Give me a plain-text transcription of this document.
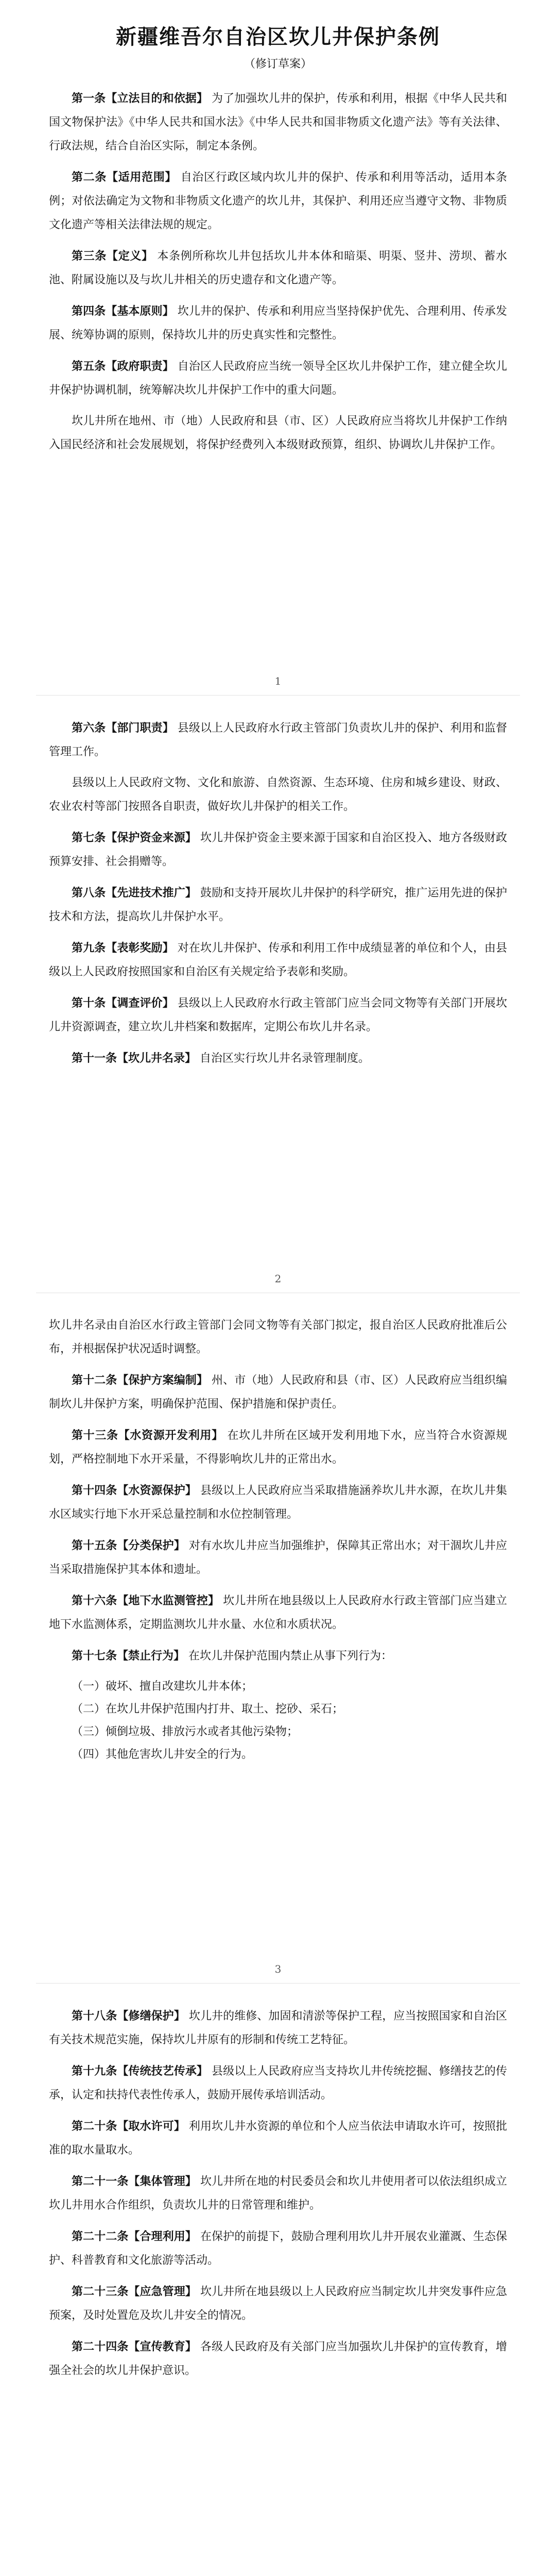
新疆维吾尔自治区坎儿井保护条例
（修订草案）

第一条【立法目的和依据】 为了加强坎儿井的保护，传承和利用，根据《中华人民共和国文物保护法》《中华人民共和国水法》《中华人民共和国非物质文化遗产法》等有关法律、行政法规，结合自治区实际，制定本条例。

第二条【适用范围】 自治区行政区域内坎儿井的保护、传承和利用等活动，适用本条例；对依法确定为文物和非物质文化遗产的坎儿井，其保护、利用还应当遵守文物、非物质文化遗产等相关法律法规的规定。

第三条【定义】 本条例所称坎儿井包括坎儿井本体和暗渠、明渠、竖井、涝坝、蓄水池、附属设施以及与坎儿井相关的历史遗存和文化遗产等。

第四条【基本原则】 坎儿井的保护、传承和利用应当坚持保护优先、合理利用、传承发展、统筹协调的原则，保持坎儿井的历史真实性和完整性。

第五条【政府职责】 自治区人民政府应当统一领导全区坎儿井保护工作，建立健全坎儿井保护协调机制，统筹解决坎儿井保护工作中的重大问题。

坎儿井所在地州、市（地）人民政府和县（市、区）人民政府应当将坎儿井保护工作纳入国民经济和社会发展规划，将保护经费列入本级财政预算，组织、协调坎儿井保护工作。

1

第六条【部门职责】 县级以上人民政府水行政主管部门负责坎儿井的保护、利用和监督管理工作。

县级以上人民政府文物、文化和旅游、自然资源、生态环境、住房和城乡建设、财政、农业农村等部门按照各自职责，做好坎儿井保护的相关工作。

第七条【保护资金来源】 坎儿井保护资金主要来源于国家和自治区投入、地方各级财政预算安排、社会捐赠等。

第八条【先进技术推广】 鼓励和支持开展坎儿井保护的科学研究，推广运用先进的保护技术和方法，提高坎儿井保护水平。

第九条【表彰奖励】 对在坎儿井保护、传承和利用工作中成绩显著的单位和个人，由县级以上人民政府按照国家和自治区有关规定给予表彰和奖励。

第十条【调查评价】 县级以上人民政府水行政主管部门应当会同文物等有关部门开展坎儿井资源调查，建立坎儿井档案和数据库，定期公布坎儿井名录。

第十一条【坎儿井名录】 自治区实行坎儿井名录管理制度。

2

坎儿井名录由自治区水行政主管部门会同文物等有关部门拟定，报自治区人民政府批准后公布，并根据保护状况适时调整。

第十二条【保护方案编制】 州、市（地）人民政府和县（市、区）人民政府应当组织编制坎儿井保护方案，明确保护范围、保护措施和保护责任。

第十三条【水资源开发利用】 在坎儿井所在区域开发利用地下水，应当符合水资源规划，严格控制地下水开采量，不得影响坎儿井的正常出水。

第十四条【水资源保护】 县级以上人民政府应当采取措施涵养坎儿井水源，在坎儿井集水区域实行地下水开采总量控制和水位控制管理。

第十五条【分类保护】 对有水坎儿井应当加强维护，保障其正常出水；对干涸坎儿井应当采取措施保护其本体和遗址。

第十六条【地下水监测管控】 坎儿井所在地县级以上人民政府水行政主管部门应当建立地下水监测体系，定期监测坎儿井水量、水位和水质状况。

第十七条【禁止行为】 在坎儿井保护范围内禁止从事下列行为：

（一）破坏、擅自改建坎儿井本体；

（二）在坎儿井保护范围内打井、取土、挖砂、采石；

（三）倾倒垃圾、排放污水或者其他污染物；

（四）其他危害坎儿井安全的行为。

3

第十八条【修缮保护】 坎儿井的维修、加固和清淤等保护工程，应当按照国家和自治区有关技术规范实施，保持坎儿井原有的形制和传统工艺特征。

第十九条【传统技艺传承】 县级以上人民政府应当支持坎儿井传统挖掘、修缮技艺的传承，认定和扶持代表性传承人，鼓励开展传承培训活动。

第二十条【取水许可】 利用坎儿井水资源的单位和个人应当依法申请取水许可，按照批准的取水量取水。

第二十一条【集体管理】 坎儿井所在地的村民委员会和坎儿井使用者可以依法组织成立坎儿井用水合作组织，负责坎儿井的日常管理和维护。

第二十二条【合理利用】 在保护的前提下，鼓励合理利用坎儿井开展农业灌溉、生态保护、科普教育和文化旅游等活动。

第二十三条【应急管理】 坎儿井所在地县级以上人民政府应当制定坎儿井突发事件应急预案，及时处置危及坎儿井安全的情况。

第二十四条【宣传教育】 各级人民政府及有关部门应当加强坎儿井保护的宣传教育，增强全社会的坎儿井保护意识。
